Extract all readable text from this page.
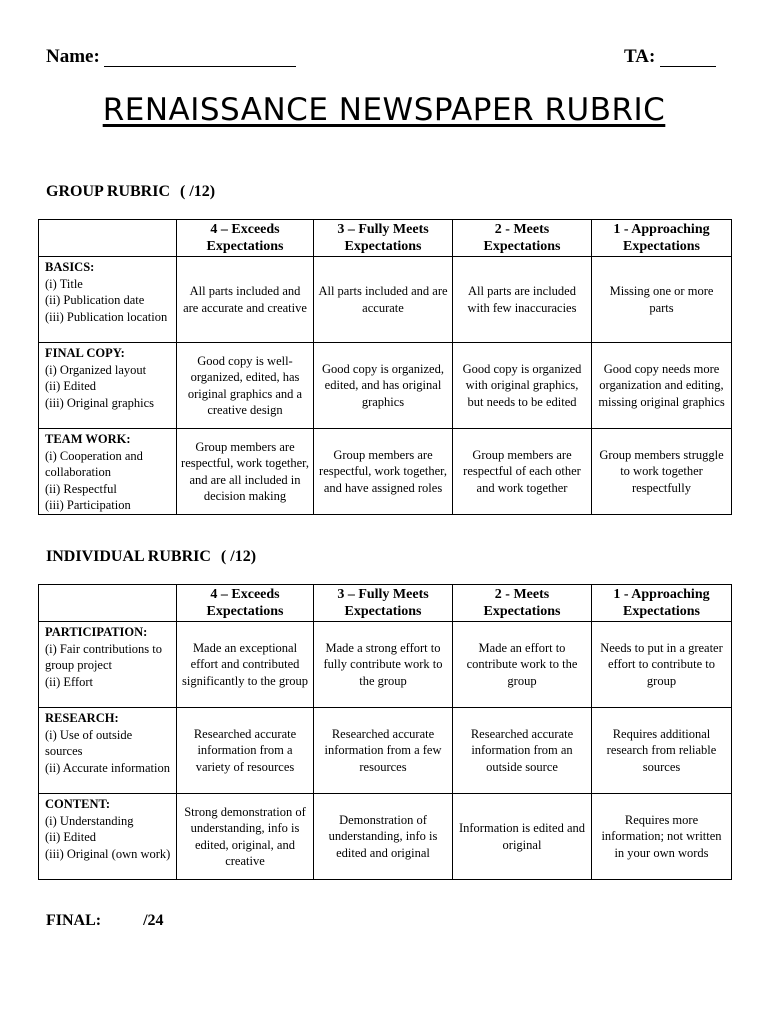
Name:	TA:
RENAISSANCE NEWSPAPER RUBRIC
GROUP RUBRIC ( /12)
	4 – Exceeds Expectations	3 – Fully Meets Expectations	2 - Meets Expectations	1 - Approaching Expectations

BASICS:
(i) Title
(ii) Publication date
(iii) Publication location	All parts included and are accurate and creative	All parts included and are accurate	All parts are included with few inaccuracies	Missing one or more parts

FINAL COPY:
(i) Organized layout
(ii) Edited
(iii) Original graphics	Good copy is well-organized, edited, has original graphics and a creative design	Good copy is organized, edited, and has original graphics	Good copy is organized with original graphics, but needs to be edited	Good copy needs more organization and editing, missing original graphics

TEAM WORK:
(i) Cooperation and collaboration
(ii) Respectful
(iii) Participation	Group members are respectful, work together, and are all included in decision making	Group members are respectful, work together, and have assigned roles	Group members are respectful of each other and work together	Group members struggle to work together respectfully
INDIVIDUAL RUBRIC ( /12)
	4 – Exceeds Expectations	3 – Fully Meets Expectations	2 - Meets Expectations	1 - Approaching Expectations

PARTICIPATION:
(i) Fair contributions to group project
(ii) Effort	Made an exceptional effort and contributed significantly to the group	Made a strong effort to fully contribute work to the group	Made an effort to contribute work to the group	Needs to put in a greater effort to contribute to group

RESEARCH:
(i) Use of outside sources
(ii) Accurate information	Researched accurate information from a variety of resources	Researched accurate information from a few resources	Researched accurate information from an outside source	Requires additional research from reliable sources

CONTENT:
(i) Understanding
(ii) Edited
(iii) Original (own work)	Strong demonstration of understanding, info is edited, original, and creative	Demonstration of understanding, info is edited and original	Information is edited and original	Requires more information; not written in your own words
FINAL:	/24
